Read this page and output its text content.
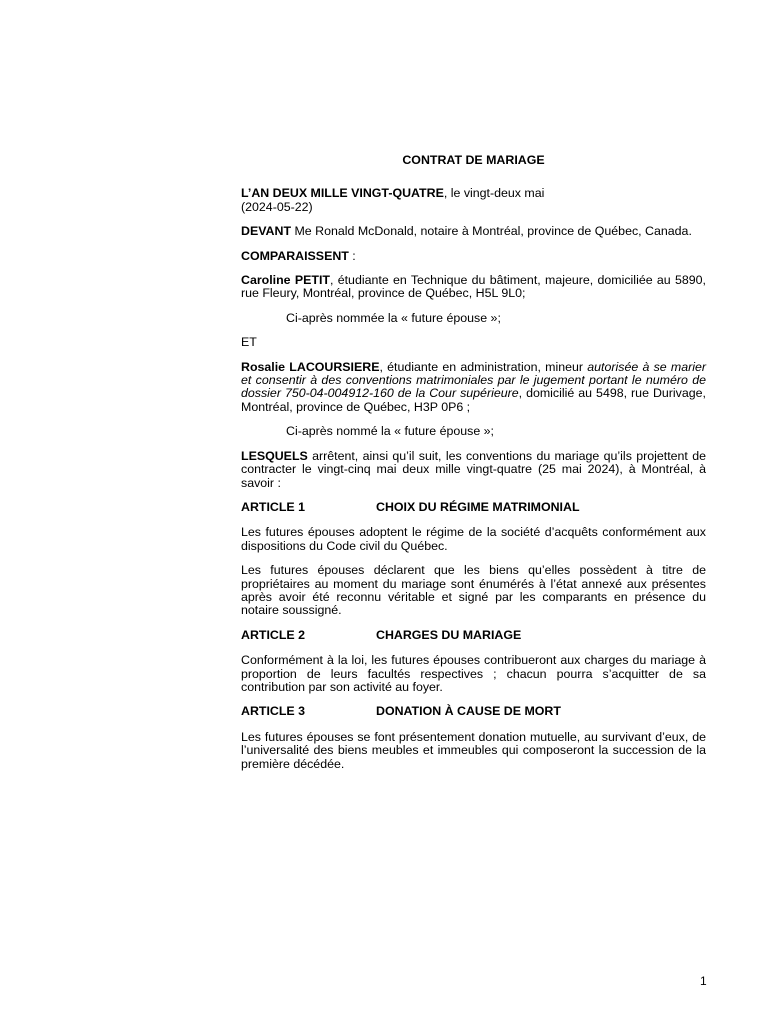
CONTRAT DE MARIAGE

L’AN DEUX MILLE VINGT-QUATRE, le vingt-deux mai
(2024-05-22)

DEVANT Me Ronald McDonald, notaire à Montréal, province de Québec, Canada.

COMPARAISSENT :

Caroline PETIT, étudiante en Technique du bâtiment, majeure, domiciliée au 5890, rue Fleury, Montréal, province de Québec, H5L 9L0;

Ci-après nommée la « future épouse »;

ET

Rosalie LACOURSIERE, étudiante en administration, mineur autorisée à se marier et consentir à des conventions matrimoniales par le jugement portant le numéro de dossier 750-04-004912-160 de la Cour supérieure, domicilié au 5498, rue Durivage, Montréal, province de Québec, H3P 0P6 ;

Ci-après nommé la « future épouse »;

LESQUELS arrêtent, ainsi qu’il suit, les conventions du mariage qu’ils projettent de contracter le vingt-cinq mai deux mille vingt-quatre (25 mai 2024), à Montréal, à savoir :

ARTICLE 1	CHOIX DU RÉGIME MATRIMONIAL

Les futures épouses adoptent le régime de la société d’acquêts conformément aux dispositions du Code civil du Québec.

Les futures épouses déclarent que les biens qu’elles possèdent à titre de propriétaires au moment du mariage sont énumérés à l’état annexé aux présentes après avoir été reconnu véritable et signé par les comparants en présence du notaire soussigné.

ARTICLE 2	CHARGES DU MARIAGE

Conformément à la loi, les futures épouses contribueront aux charges du mariage à proportion de leurs facultés respectives ; chacun pourra s’acquitter de sa contribution par son activité au foyer.

ARTICLE 3	DONATION À CAUSE DE MORT

Les futures épouses se font présentement donation mutuelle, au survivant d’eux, de l’universalité des biens meubles et immeubles qui composeront la succession de la première décédée.

1
